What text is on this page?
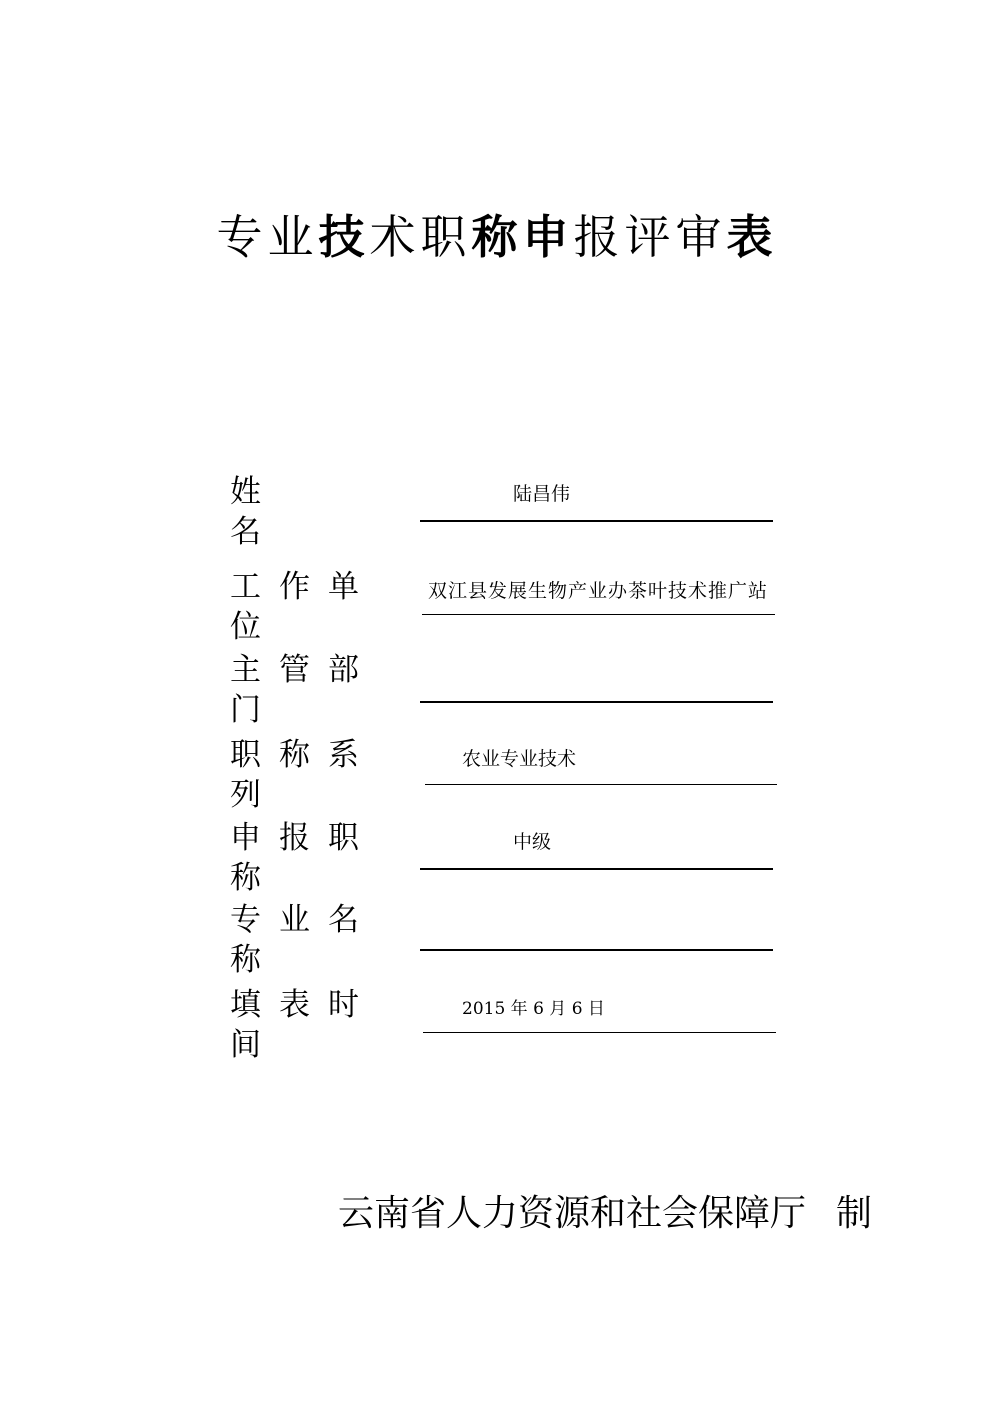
专业技术职称申报评审表
姓名
陆昌伟
工作单位
双江县发展生物产业办茶叶技术推广站
主管部门
职称系列
农业专业技术
申报职称
中级
专业名称
填表时间
2015 年 6 月 6 日
云南省人力资源和社会保障厅 制
